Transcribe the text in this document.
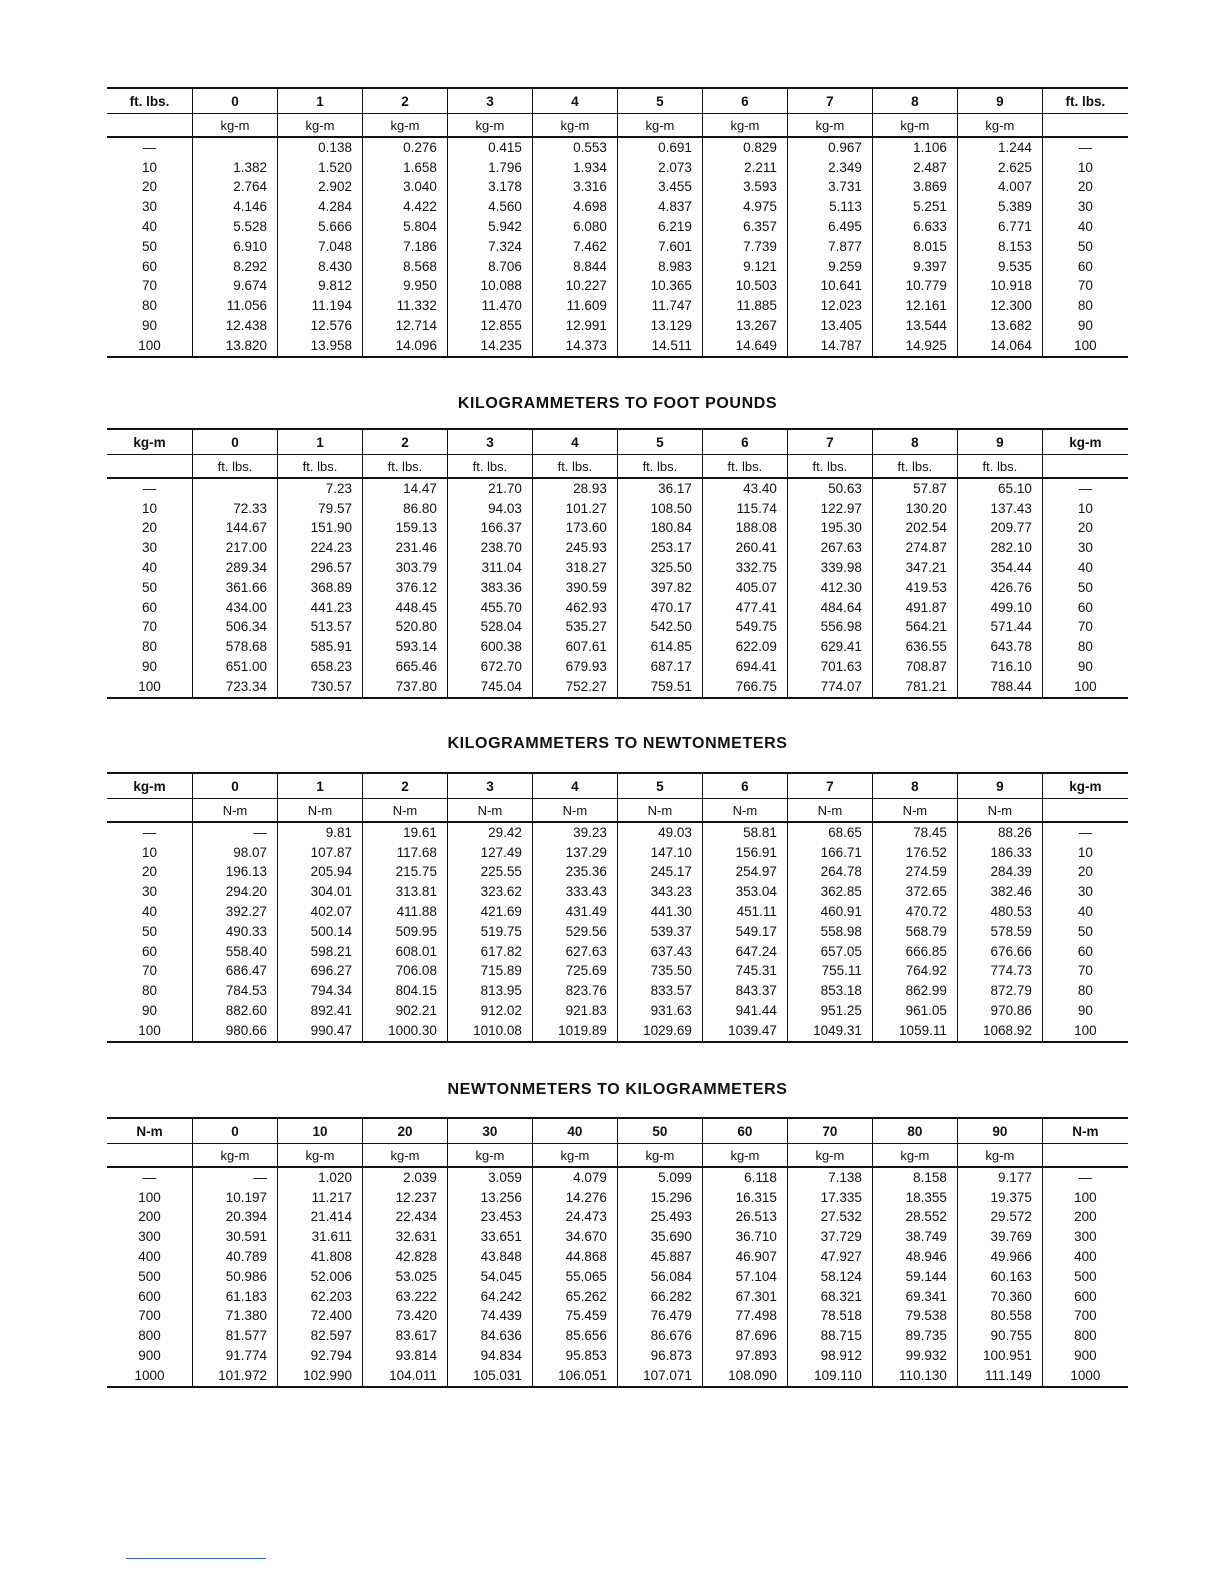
KILOGRAMMETERS TO FOOT POUNDS
KILOGRAMMETERS TO NEWTONMETERS
NEWTONMETERS TO KILOGRAMMETERS
ft. lbs.	0	1	2	3	4	5	6	7	8	9	ft. lbs.
	kg-m	kg-m	kg-m	kg-m	kg-m	kg-m	kg-m	kg-m	kg-m	kg-m	
—		0.138	0.276	0.415	0.553	0.691	0.829	0.967	1.106	1.244	—
10	1.382	1.520	1.658	1.796	1.934	2.073	2.211	2.349	2.487	2.625	10
20	2.764	2.902	3.040	3.178	3.316	3.455	3.593	3.731	3.869	4.007	20
30	4.146	4.284	4.422	4.560	4.698	4.837	4.975	5.113	5.251	5.389	30
40	5.528	5.666	5.804	5.942	6.080	6.219	6.357	6.495	6.633	6.771	40
50	6.910	7.048	7.186	7.324	7.462	7.601	7.739	7.877	8.015	8.153	50
60	8.292	8.430	8.568	8.706	8.844	8.983	9.121	9.259	9.397	9.535	60
70	9.674	9.812	9.950	10.088	10.227	10.365	10.503	10.641	10.779	10.918	70
80	11.056	11.194	11.332	11.470	11.609	11.747	11.885	12.023	12.161	12.300	80
90	12.438	12.576	12.714	12.855	12.991	13.129	13.267	13.405	13.544	13.682	90
100	13.820	13.958	14.096	14.235	14.373	14.511	14.649	14.787	14.925	14.064	100
kg-m	0	1	2	3	4	5	6	7	8	9	kg-m
	ft. lbs.	ft. lbs.	ft. lbs.	ft. lbs.	ft. lbs.	ft. lbs.	ft. lbs.	ft. lbs.	ft. lbs.	ft. lbs.	
—		7.23	14.47	21.70	28.93	36.17	43.40	50.63	57.87	65.10	—
10	72.33	79.57	86.80	94.03	101.27	108.50	115.74	122.97	130.20	137.43	10
20	144.67	151.90	159.13	166.37	173.60	180.84	188.08	195.30	202.54	209.77	20
30	217.00	224.23	231.46	238.70	245.93	253.17	260.41	267.63	274.87	282.10	30
40	289.34	296.57	303.79	311.04	318.27	325.50	332.75	339.98	347.21	354.44	40
50	361.66	368.89	376.12	383.36	390.59	397.82	405.07	412.30	419.53	426.76	50
60	434.00	441.23	448.45	455.70	462.93	470.17	477.41	484.64	491.87	499.10	60
70	506.34	513.57	520.80	528.04	535.27	542.50	549.75	556.98	564.21	571.44	70
80	578.68	585.91	593.14	600.38	607.61	614.85	622.09	629.41	636.55	643.78	80
90	651.00	658.23	665.46	672.70	679.93	687.17	694.41	701.63	708.87	716.10	90
100	723.34	730.57	737.80	745.04	752.27	759.51	766.75	774.07	781.21	788.44	100
kg-m	0	1	2	3	4	5	6	7	8	9	kg-m
	N-m	N-m	N-m	N-m	N-m	N-m	N-m	N-m	N-m	N-m	
—	—	9.81	19.61	29.42	39.23	49.03	58.81	68.65	78.45	88.26	—
10	98.07	107.87	117.68	127.49	137.29	147.10	156.91	166.71	176.52	186.33	10
20	196.13	205.94	215.75	225.55	235.36	245.17	254.97	264.78	274.59	284.39	20
30	294.20	304.01	313.81	323.62	333.43	343.23	353.04	362.85	372.65	382.46	30
40	392.27	402.07	411.88	421.69	431.49	441.30	451.11	460.91	470.72	480.53	40
50	490.33	500.14	509.95	519.75	529.56	539.37	549.17	558.98	568.79	578.59	50
60	558.40	598.21	608.01	617.82	627.63	637.43	647.24	657.05	666.85	676.66	60
70	686.47	696.27	706.08	715.89	725.69	735.50	745.31	755.11	764.92	774.73	70
80	784.53	794.34	804.15	813.95	823.76	833.57	843.37	853.18	862.99	872.79	80
90	882.60	892.41	902.21	912.02	921.83	931.63	941.44	951.25	961.05	970.86	90
100	980.66	990.47	1000.30	1010.08	1019.89	1029.69	1039.47	1049.31	1059.11	1068.92	100
N-m	0	10	20	30	40	50	60	70	80	90	N-m
	kg-m	kg-m	kg-m	kg-m	kg-m	kg-m	kg-m	kg-m	kg-m	kg-m	
—	—	1.020	2.039	3.059	4.079	5.099	6.118	7.138	8.158	9.177	—
100	10.197	11.217	12.237	13.256	14.276	15.296	16.315	17.335	18.355	19.375	100
200	20.394	21.414	22.434	23.453	24.473	25.493	26.513	27.532	28.552	29.572	200
300	30.591	31.611	32.631	33.651	34.670	35.690	36.710	37.729	38.749	39.769	300
400	40.789	41.808	42.828	43.848	44.868	45.887	46.907	47.927	48.946	49.966	400
500	50.986	52.006	53.025	54.045	55.065	56.084	57.104	58.124	59.144	60.163	500
600	61.183	62.203	63.222	64.242	65.262	66.282	67.301	68.321	69.341	70.360	600
700	71.380	72.400	73.420	74.439	75.459	76.479	77.498	78.518	79.538	80.558	700
800	81.577	82.597	83.617	84.636	85.656	86.676	87.696	88.715	89.735	90.755	800
900	91.774	92.794	93.814	94.834	95.853	96.873	97.893	98.912	99.932	100.951	900
1000	101.972	102.990	104.011	105.031	106.051	107.071	108.090	109.110	110.130	111.149	1000
